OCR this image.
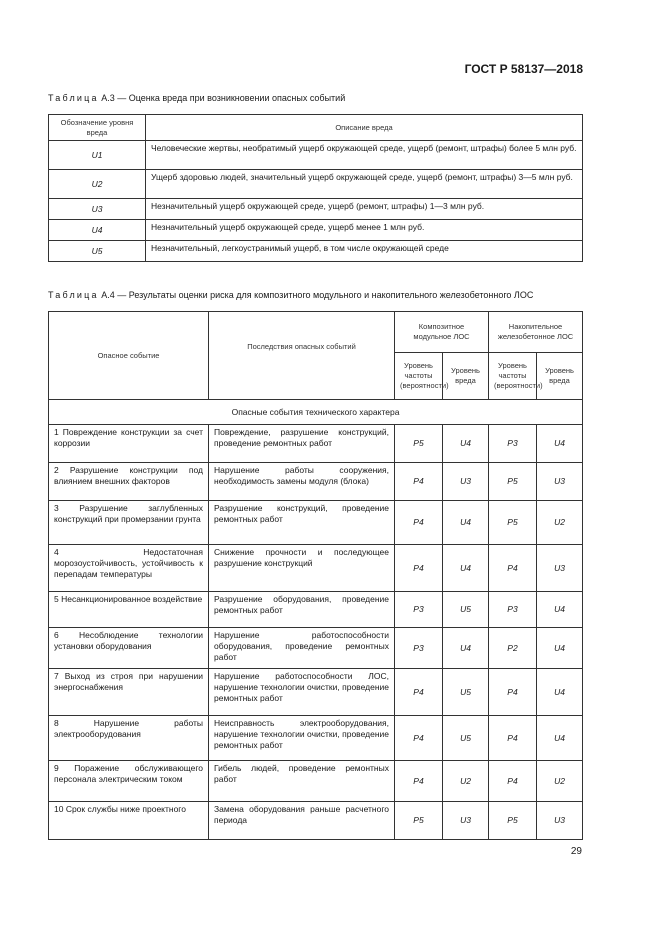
ГОСТ Р 58137—2018
Таблица А.3 — Оценка вреда при возникновении опасных событий
Обозначение уровня вреда	Описание вреда
U1	Человеческие жертвы, необратимый ущерб окружающей среде, ущерб (ремонт, штрафы) более 5 млн руб.
U2	Ущерб здоровью людей, значительный ущерб окружающей среде, ущерб (ремонт, штрафы) 3—5 млн руб.
U3	Незначительный ущерб окружающей среде, ущерб (ремонт, штрафы) 1—3 млн руб.
U4	Незначительный ущерб окружающей среде, ущерб менее 1 млн руб.
U5	Незначительный, легкоустранимый ущерб, в том числе окружающей среде
Таблица А.4 — Результаты оценки риска для композитного модульного и накопительного железобетонного ЛОС
Опасное событие	Последствия опасных событий	Композитное модульное ЛОС		Накопительное железобетонное ЛОС	
		Уровень частоты (вероятности)	Уровень вреда	Уровень частоты (вероятности)	Уровень вреда
Опасные события технического характера					
1 Повреждение конструкции за счет коррозии	Повреждение, разрушение конструкций, проведение ремонтных работ	P5	U4	P3	U4
2 Разрушение конструкции под влиянием внешних факторов	Нарушение работы сооружения, необходимость замены модуля (блока)	P4	U3	P5	U3
3 Разрушение заглубленных конструкций при промерзании грунта	Разрушение конструкций, проведение ремонтных работ	P4	U4	P5	U2
4 Недостаточная морозоустойчивость, устойчивость к перепадам температуры	Снижение прочности и последующее разрушение конструкций	P4	U4	P4	U3
5 Несанкционированное воздействие	Разрушение оборудования, проведение ремонтных работ	P3	U5	P3	U4
6 Несоблюдение технологии установки оборудования	Нарушение работоспособности оборудования, проведение ремонтных работ	P3	U4	P2	U4
7 Выход из строя при нарушении энергоснабжения	Нарушение работоспособности ЛОС, нарушение технологии очистки, проведение ремонтных работ	P4	U5	P4	U4
8 Нарушение работы электрооборудования	Неисправность электрооборудования, нарушение технологии очистки, проведение ремонтных работ	P4	U5	P4	U4
9 Поражение обслуживающего персонала электрическим током	Гибель людей, проведение ремонтных работ	P4	U2	P4	U2
10 Срок службы ниже проектного	Замена оборудования раньше расчетного периода	P5	U3	P5	U3
29
